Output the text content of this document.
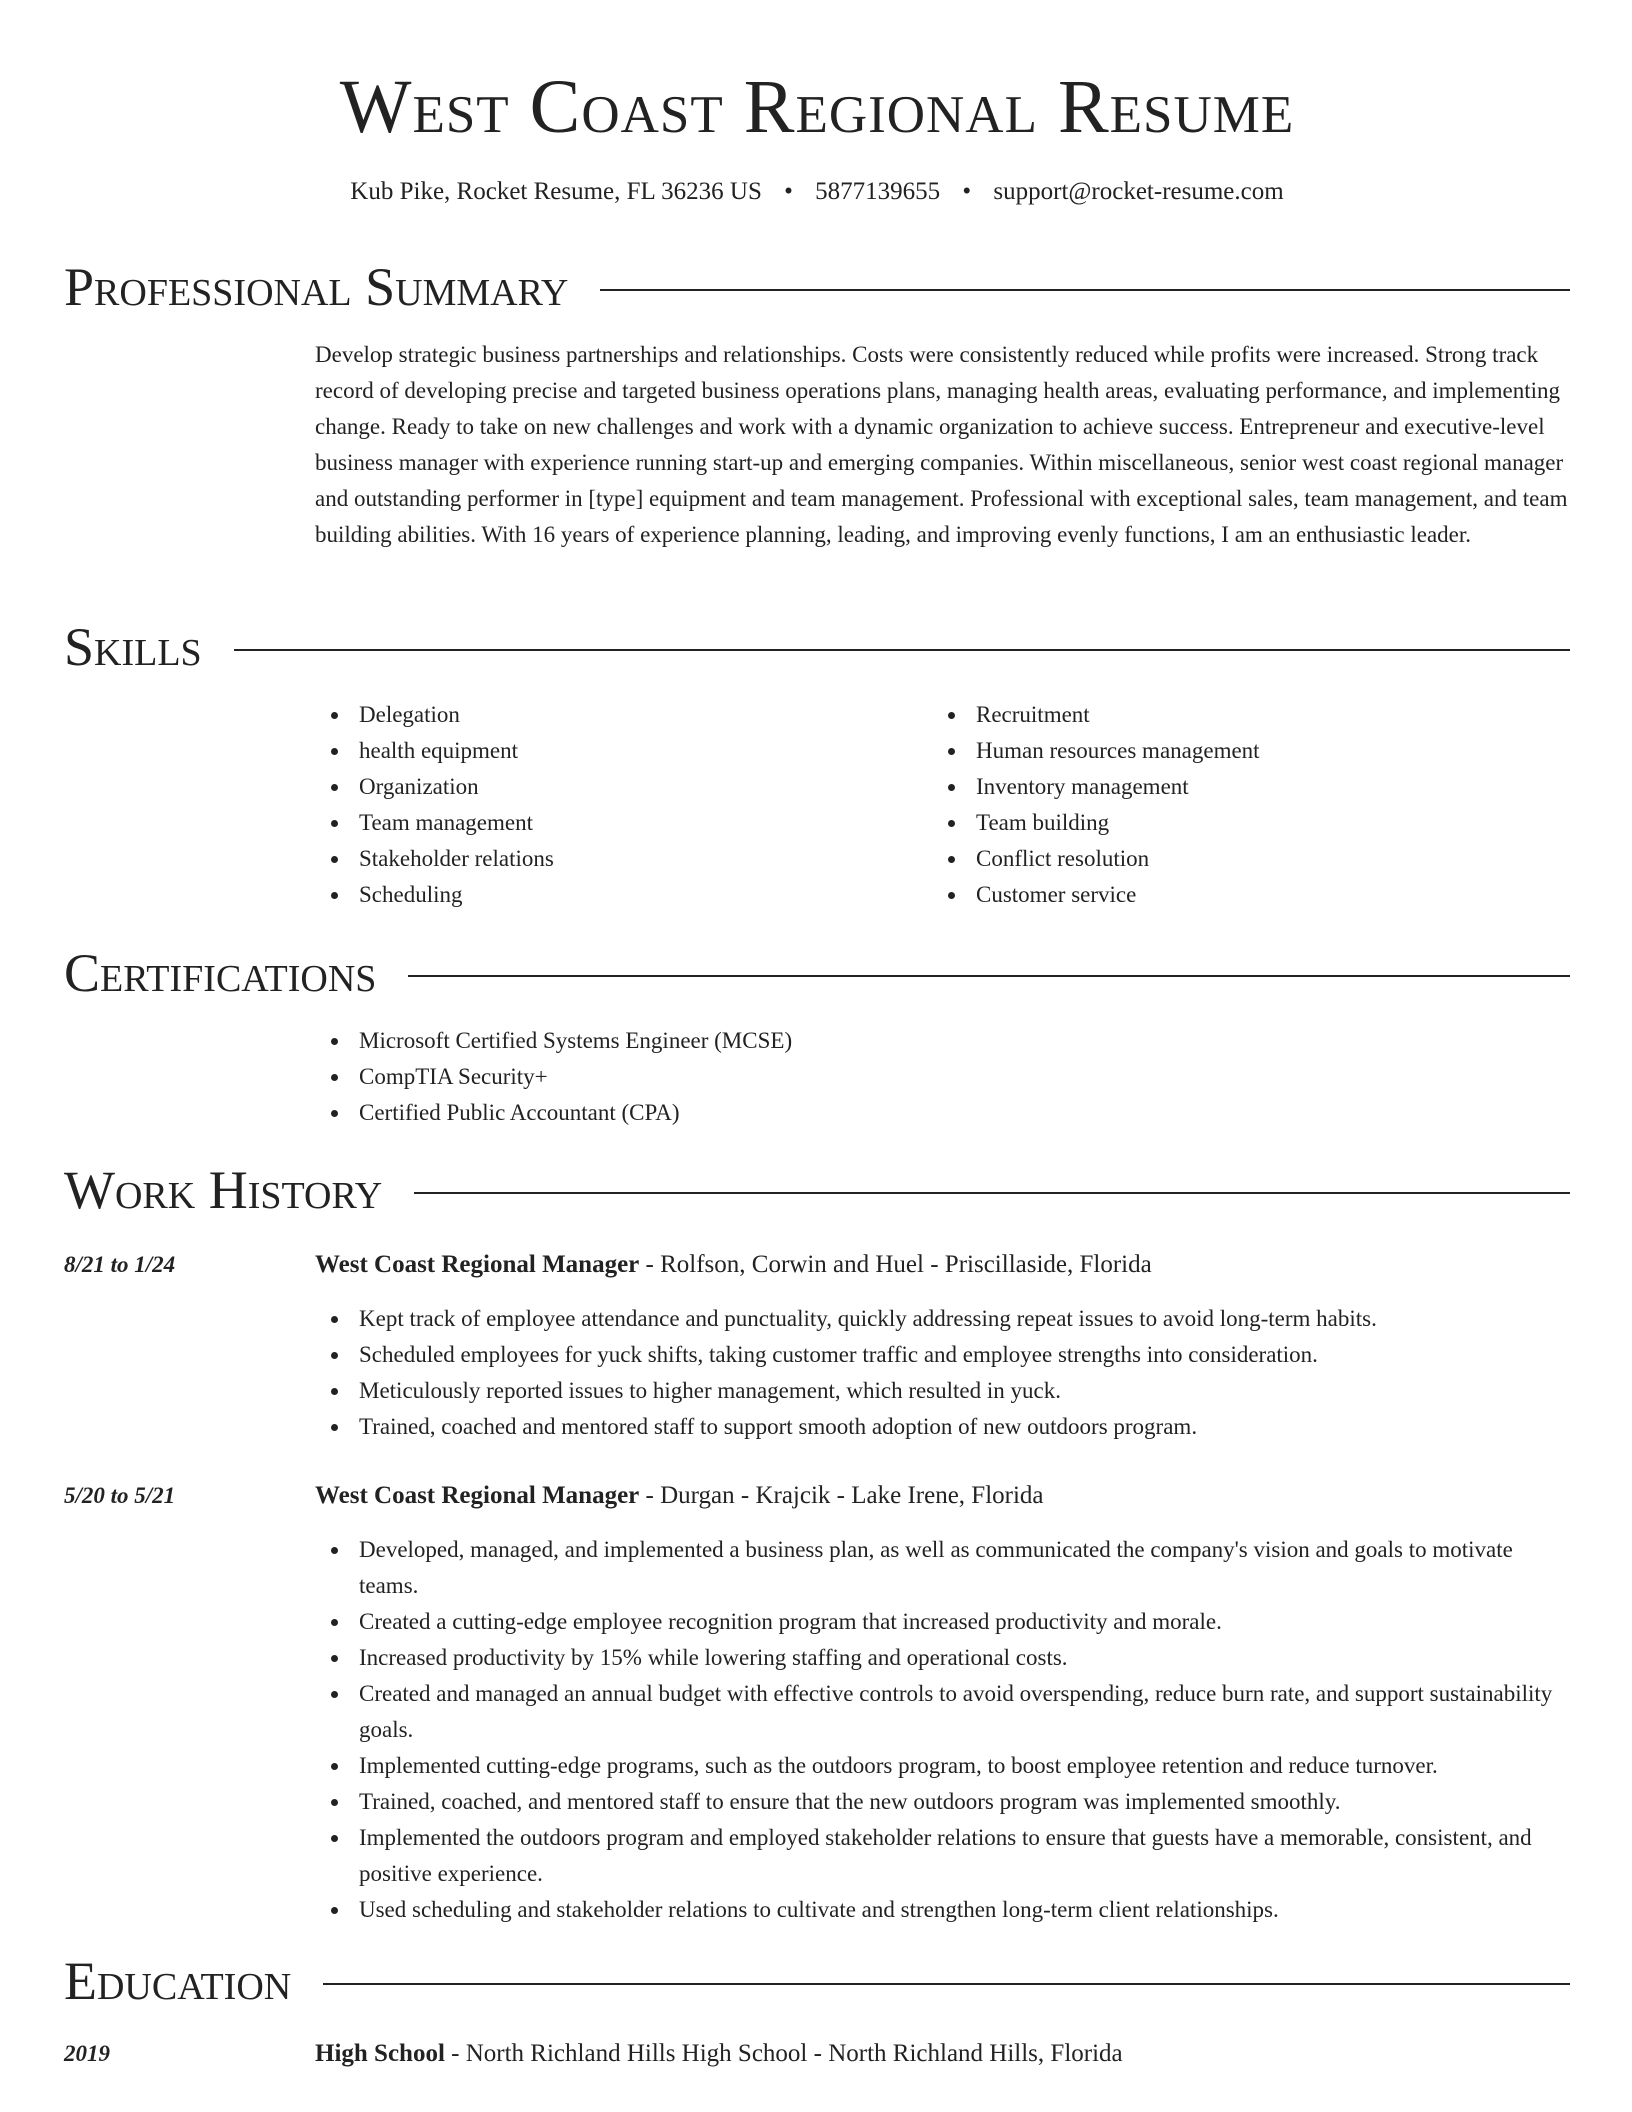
West Coast Regional Resume
Kub Pike, Rocket Resume, FL 36236 US • 5877139655 • support@rocket-resume.com
Professional Summary

Develop strategic business partnerships and relationships. Costs were consistently reduced while profits were increased. Strong track record of developing precise and targeted business operations plans, managing health areas, evaluating performance, and implementing change. Ready to take on new challenges and work with a dynamic organization to achieve success. Entrepreneur and executive-level business manager with experience running start-up and emerging companies. Within miscellaneous, senior west coast regional manager and outstanding performer in [type] equipment and team management. Professional with exceptional sales, team management, and team building abilities. With 16 years of experience planning, leading, and improving evenly functions, I am an enthusiastic leader.

Skills
Delegation
health equipment
Organization
Team management
Stakeholder relations
Scheduling
Recruitment
Human resources management
Inventory management
Team building
Conflict resolution
Customer service
Certifications
Microsoft Certified Systems Engineer (MCSE)
CompTIA Security+
Certified Public Accountant (CPA)
Work History
8/21 to 1/24	West Coast Regional Manager - Rolfson, Corwin and Huel - Priscillaside, Florida
Kept track of employee attendance and punctuality, quickly addressing repeat issues to avoid long-term habits.
Scheduled employees for yuck shifts, taking customer traffic and employee strengths into consideration.
Meticulously reported issues to higher management, which resulted in yuck.
Trained, coached and mentored staff to support smooth adoption of new outdoors program.
5/20 to 5/21	West Coast Regional Manager - Durgan - Krajcik - Lake Irene, Florida
Developed, managed, and implemented a business plan, as well as communicated the company's vision and goals to motivate teams.
Created a cutting-edge employee recognition program that increased productivity and morale.
Increased productivity by 15% while lowering staffing and operational costs.
Created and managed an annual budget with effective controls to avoid overspending, reduce burn rate, and support sustainability goals.
Implemented cutting-edge programs, such as the outdoors program, to boost employee retention and reduce turnover.
Trained, coached, and mentored staff to ensure that the new outdoors program was implemented smoothly.
Implemented the outdoors program and employed stakeholder relations to ensure that guests have a memorable, consistent, and positive experience.
Used scheduling and stakeholder relations to cultivate and strengthen long-term client relationships.
Education
2019	High School - North Richland Hills High School - North Richland Hills, Florida
